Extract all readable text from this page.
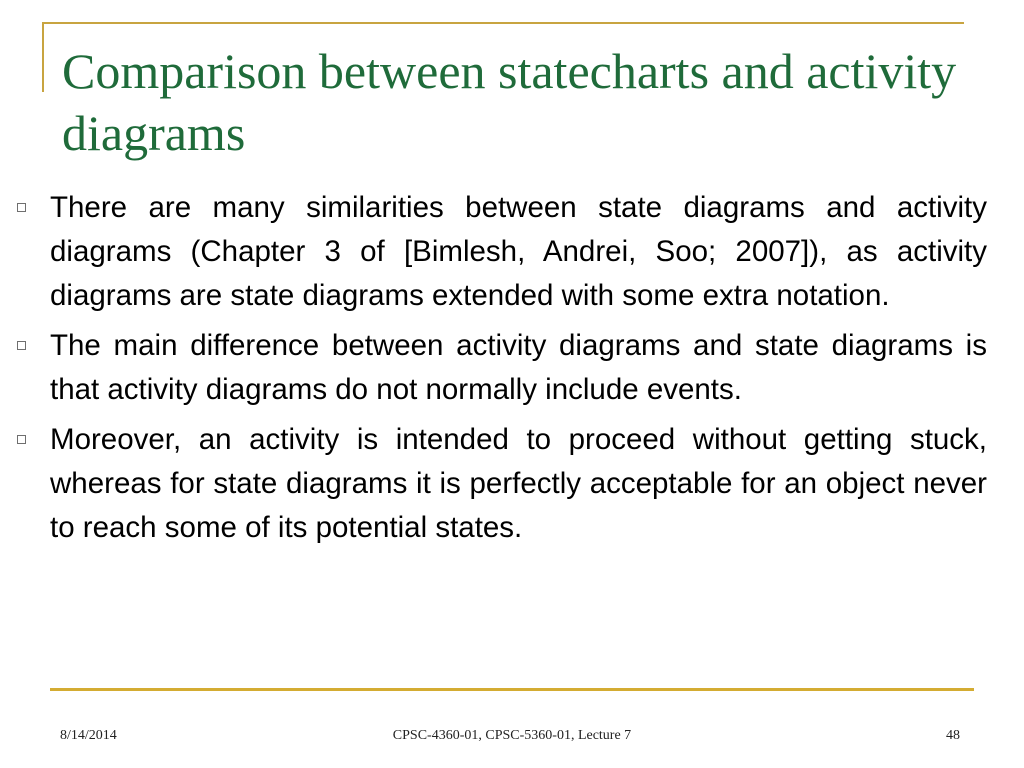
Comparison between statecharts and activity diagrams
There are many similarities between state diagrams and activity diagrams (Chapter 3 of [Bimlesh, Andrei, Soo; 2007]), as activity diagrams are state diagrams extended with some extra notation.
The main difference between activity diagrams and state diagrams is that activity diagrams do not normally include events.
Moreover, an activity is intended to proceed without getting stuck, whereas for state diagrams it is perfectly acceptable for an object never to reach some of its potential states.
8/14/2014	CPSC-4360-01, CPSC-5360-01, Lecture 7	48
